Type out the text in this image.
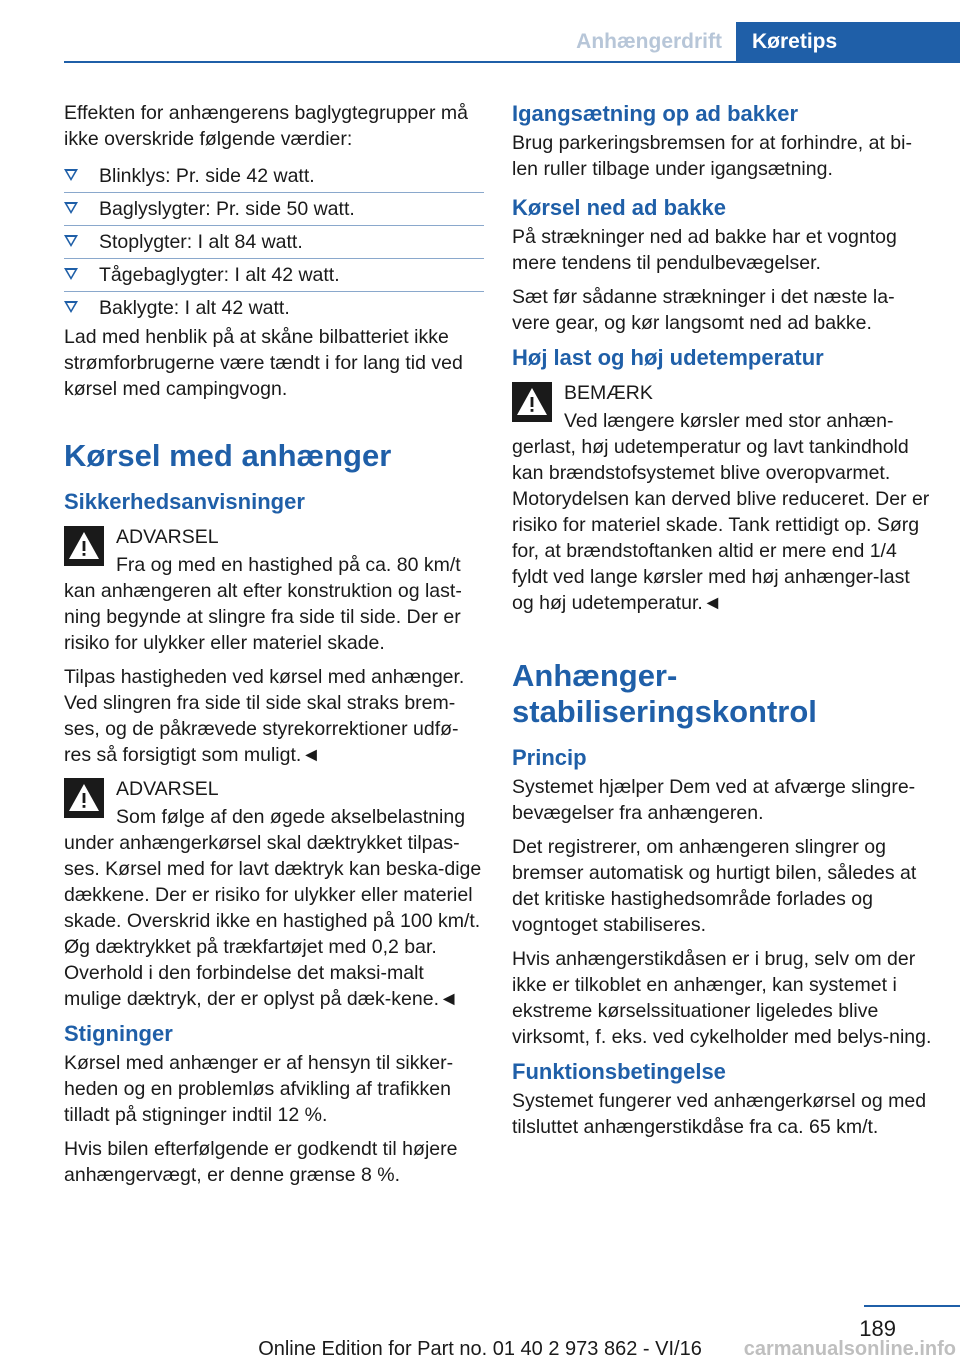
Anhængerdrift	Køretips

Effekten for anhængerens baglygtegrupper må ikke overskride følgende værdier:

Blinklys: Pr. side 42 watt.
Baglyslygter: Pr. side 50 watt.
Stoplygter: I alt 84 watt.
Tågebaglygter: I alt 42 watt.
Baklygte: I alt 42 watt.

Lad med henblik på at skåne bilbatteriet ikke strømforbrugerne være tændt i for lang tid ved kørsel med campingvogn.

Kørsel med anhænger
Sikkerhedsanvisninger
ADVARSEL

Fra og med en hastighed på ca. 80 km/t kan anhængeren alt efter konstruktion og last-ning begynde at slingre fra side til side. Der er risiko for ulykker eller materiel skade.

Tilpas hastigheden ved kørsel med anhænger. Ved slingren fra side til side skal straks brem-ses, og de påkrævede styrekorrektioner udfø-res så forsigtigt som muligt.◄

ADVARSEL

Som følge af den øgede akselbelastning under anhængerkørsel skal dæktrykket tilpas-ses. Kørsel med for lavt dæktryk kan beska-dige dækkene. Der er risiko for ulykker eller materiel skade. Overskrid ikke en hastighed på 100 km/t. Øg dæktrykket på trækfartøjet med 0,2 bar. Overhold i den forbindelse det maksi-malt mulige dæktryk, der er oplyst på dæk-kene.◄

Stigninger

Kørsel med anhænger er af hensyn til sikker-heden og en problemløs afvikling af trafikken tilladt på stigninger indtil 12 %.

Hvis bilen efterfølgende er godkendt til højere anhængervægt, er denne grænse 8 %.

Igangsætning op ad bakker

Brug parkeringsbremsen for at forhindre, at bi-len ruller tilbage under igangsætning.

Kørsel ned ad bakke

På strækninger ned ad bakke har et vogntog mere tendens til pendulbevægelser.

Sæt før sådanne strækninger i det næste la-vere gear, og kør langsomt ned ad bakke.

Høj last og høj udetemperatur
BEMÆRK

Ved længere kørsler med stor anhæn-gerlast, høj udetemperatur og lavt tankindhold kan brændstofsystemet blive overopvarmet. Motorydelsen kan derved blive reduceret. Der er risiko for materiel skade. Tank rettidigt op. Sørg for, at brændstoftanken altid er mere end 1/4 fyldt ved lange kørsler med høj anhænger-last og høj udetemperatur.◄

Anhænger-stabiliseringskontrol
Princip

Systemet hjælper Dem ved at afværge slingre-bevægelser fra anhængeren.

Det registrerer, om anhængeren slingrer og bremser automatisk og hurtigt bilen, således at det kritiske hastighedsområde forlades og vogntoget stabiliseres.

Hvis anhængerstikdåsen er i brug, selv om der ikke er tilkoblet en anhænger, kan systemet i ekstreme kørselssituationer ligeledes blive virksomt, f. eks. ved cykelholder med belys-ning.

Funktionsbetingelse

Systemet fungerer ved anhængerkørsel og med tilsluttet anhængerstikdåse fra ca. 65 km/t.

189
Online Edition for Part no. 01 40 2 973 862 - VI/16	carmanualsonline.info
